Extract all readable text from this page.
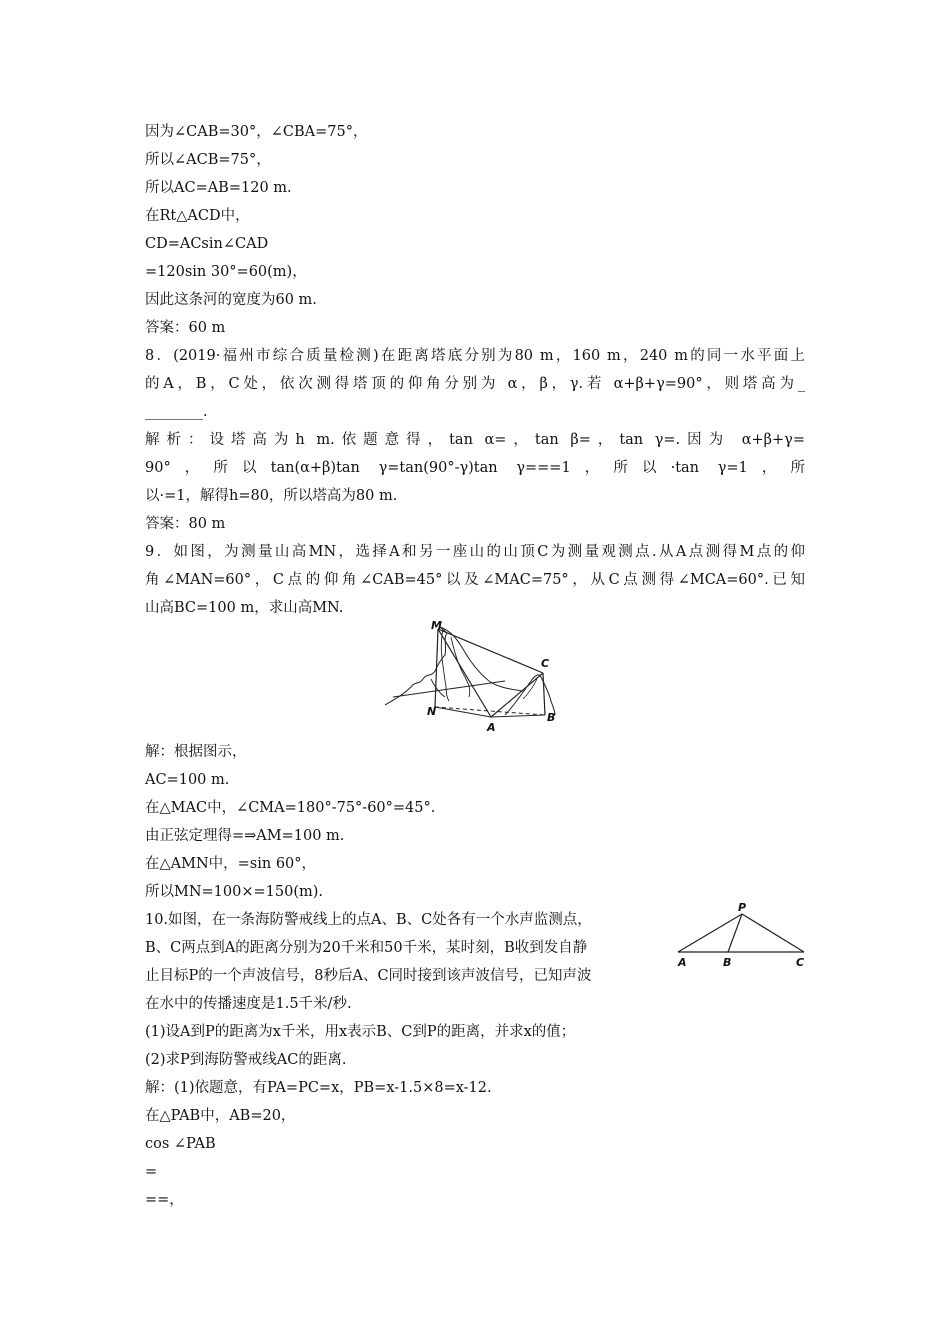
因为∠CAB=30°，∠CBA=75°，
所以∠ACB=75°，
所以AC=AB=120 m.
在Rt△ACD中，
CD=ACsin∠CAD
=120sin 30°=60(m)，
因此这条河的宽度为60 m.
答案：60 m
8．(2019·福州市综合质量检测)在距离塔底分别为80 m，160 m，240 m的同一水平面上
的A，B，C处，依次测得塔顶的仰角分别为 α，β，γ.若 α+β+γ=90°，则塔高为_
________.
解析：设塔高为h m.依题意得，tan α=，tan β=，tan γ=.因为 α+β+γ=
90°，所以tan(α+β)tan γ=tan(90°-γ)tan γ===1，所以·tan γ=1，所
以·=1，解得h=80，所以塔高为80 m.
答案：80 m
9．如图，为测量山高MN，选择A和另一座山的山顶C为测量观测点.从A点测得M点的仰
角∠MAN=60°，C点的仰角∠CAB=45°以及∠MAC=75°，从C点测得∠MCA=60°.已知
山高BC=100 m，求山高MN.
M
C
N
A
B
解：根据图示，
AC=100 m.
在△MAC中，∠CMA=180°-75°-60°=45°.
由正弦定理得=⇒AM=100 m.
在△AMN中，=sin 60°，
所以MN=100×=150(m).
10.如图，在一条海防警戒线上的点A、B、C处各有一个水声监测点，
B、C两点到A的距离分别为20千米和50千米，某时刻，B收到发自静
止目标P的一个声波信号，8秒后A、C同时接到该声波信号，已知声波
在水中的传播速度是1.5千米/秒.
(1)设A到P的距离为x千米，用x表示B、C到P的距离，并求x的值；
(2)求P到海防警戒线AC的距离.
解：(1)依题意，有PA=PC=x，PB=x-1.5×8=x-12.
在△PAB中，AB=20，
cos ∠PAB
=
==，
P
A	B	C
